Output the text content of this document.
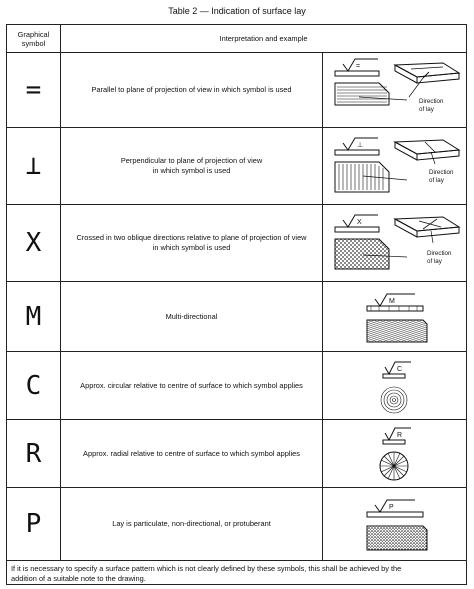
Table 2 — Indication of surface lay
Graphical
symbol
Interpretation and example
=	Parallel to plane of projection of view in which symbol is used
=
Direction
of lay
⊥	Perpendicular to plane of projection of view
in which symbol is used
⊥
Direction
of lay
X	Crossed in two oblique directions relative to plane of projection of view
in which symbol is used
X
Direction
of lay
M	Multi-directional
M
C	Approx. circular relative to centre of surface to which symbol applies
C
R	Approx. radial relative to centre of surface to which symbol applies
R
P	Lay is particulate, non-directional, or protuberant
P
If it is necessary to specify a surface pattern which is not clearly defined by these symbols, this shall be achieved by the
addition of a suitable note to the drawing.
